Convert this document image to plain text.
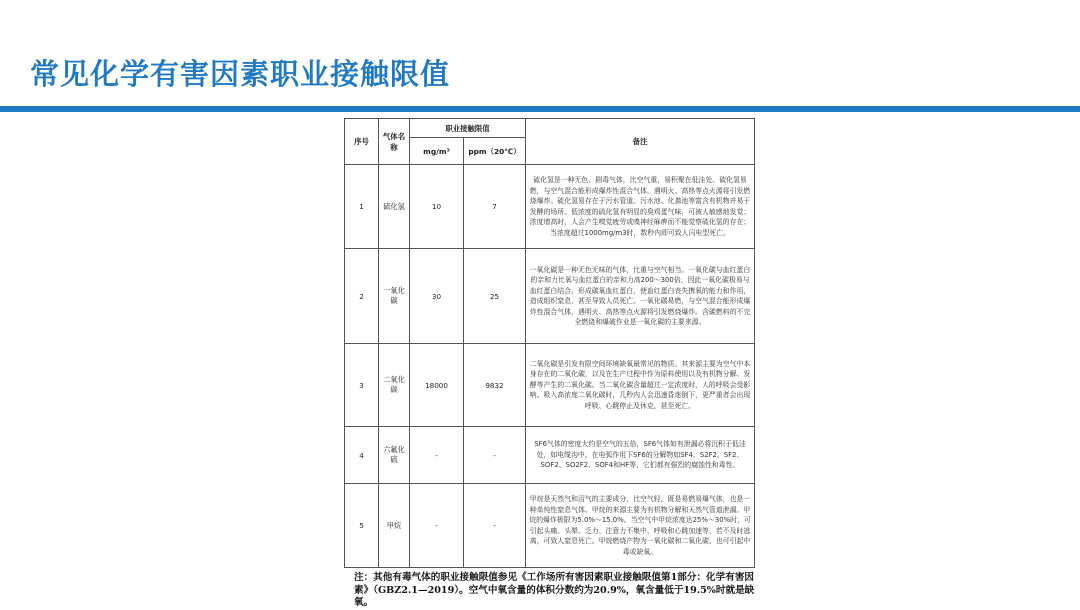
常见化学有害因素职业接触限值
序号	气体名称	职业接触限值		备注
		mg/m³	ppm（20℃）	
1	硫化氢	10	7	硫化氢是一种无色、剧毒气体，比空气重，易积聚在低洼处。硫化氢易燃，与空气混合能形成爆炸性混合气体，遇明火、高热等点火源将引发燃烧爆炸。硫化氢易存在于污水管道、污水池、化粪池等富含有机物并易于发酵的场所。低浓度的硫化氢有明显的臭鸡蛋气味，可被人敏感地发觉；浓度增高时，人会产生嗅觉疲劳或嗅神经麻痹而不能觉察硫化氢的存在；当浓度超过1000mg/m3时，数秒内即可致人闪电型死亡。
2	一氧化碳	30	25	一氧化碳是一种无色无味的气体，比重与空气相当。一氧化碳与血红蛋白的亲和力比氧与血红蛋白的亲和力高200～300倍，因此一氧化碳极易与血红蛋白结合，形成碳氧血红蛋白，使血红蛋白丧失携氧的能力和作用，造成组织窒息，甚至导致人员死亡。一氧化碳易燃，与空气混合能形成爆炸性混合气体，遇明火、高热等点火源将引发燃烧爆炸。含碳燃料的不完全燃烧和爆破作业是一氧化碳的主要来源。
3	二氧化碳	18000	9832	二氧化碳是引发有限空间环境缺氧最常见的物质。其来源主要为空气中本身存在的二氧化碳，以及在生产过程中作为原料使用以及有机物分解、发酵等产生的二氧化碳。当二氧化碳含量超过一定浓度时，人的呼吸会受影响。吸入高浓度二氧化碳时，几秒内人会迅速昏迷倒下，更严重者会出现呼吸、心跳停止及休克，甚至死亡。
4	六氟化硫	-	-	SF6气体的密度大约是空气的五倍，SF6气体如有泄漏必将沉积于低洼处，如电缆沟中。在电弧作用下SF6的分解物如SF4、S2F2、SF2、SOF2、SO2F2、SOF4和HF等，它们都有强烈的腐蚀性和毒性。
5	甲烷	-	-	甲烷是天然气和沼气的主要成分，比空气轻，既是易燃易爆气体，也是一种单纯性窒息气体。甲烷的来源主要为有机物分解和天然气管道泄漏。甲烷的爆炸极限为5.0%～15.0%。当空气中甲烷浓度达25%～30%时，可引起头痛、头晕、乏力、注意力不集中、呼吸和心跳加速等，若不及时逃离，可致人窒息死亡。甲烷燃烧产物为一氧化碳和二氧化碳，也可引起中毒或缺氧。
注：其他有毒气体的职业接触限值参见《工作场所有害因素职业接触限值第1部分：化学有害因素》（GBZ2.1—2019）。空气中氧含量的体积分数约为20.9%，氧含量低于19.5%时就是缺氧。
